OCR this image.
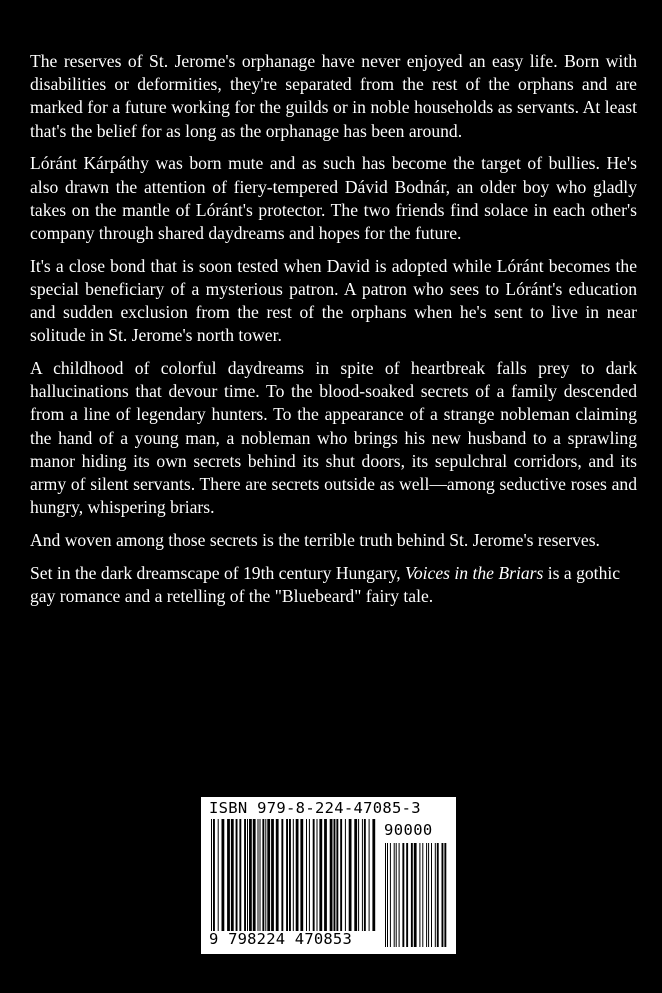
The reserves of St. Jerome's orphanage have never enjoyed an easy life. Born with disabilities or deformities, they're separated from the rest of the orphans and are marked for a future working for the guilds or in noble households as servants. At least that's the belief for as long as the orphanage has been around.

Lóránt Kárpáthy was born mute and as such has become the target of bullies. He's also drawn the attention of fiery-tempered Dávid Bodnár, an older boy who gladly takes on the mantle of Lóránt's protector. The two friends find solace in each other's company through shared daydreams and hopes for the future.

It's a close bond that is soon tested when David is adopted while Lóránt becomes the special beneficiary of a mysterious patron. A patron who sees to Lóránt's education and sudden exclusion from the rest of the orphans when he's sent to live in near solitude in St. Jerome's north tower.

A childhood of colorful daydreams in spite of heartbreak falls prey to dark hallucinations that devour time. To the blood-soaked secrets of a family descended from a line of legendary hunters. To the appearance of a strange nobleman claiming the hand of a young man, a nobleman who brings his new husband to a sprawling manor hiding its own secrets behind its shut doors, its sepulchral corridors, and its army of silent servants. There are secrets outside as well—among seductive roses and hungry, whispering briars.

And woven among those secrets is the terrible truth behind St. Jerome's reserves.

Set in the dark dreamscape of 19th century Hungary, Voices in the Briars is a gothic gay romance and a retelling of the "Bluebeard" fairy tale.

ISBN 979-8-224-47085-3
90000
9 798224 470853
